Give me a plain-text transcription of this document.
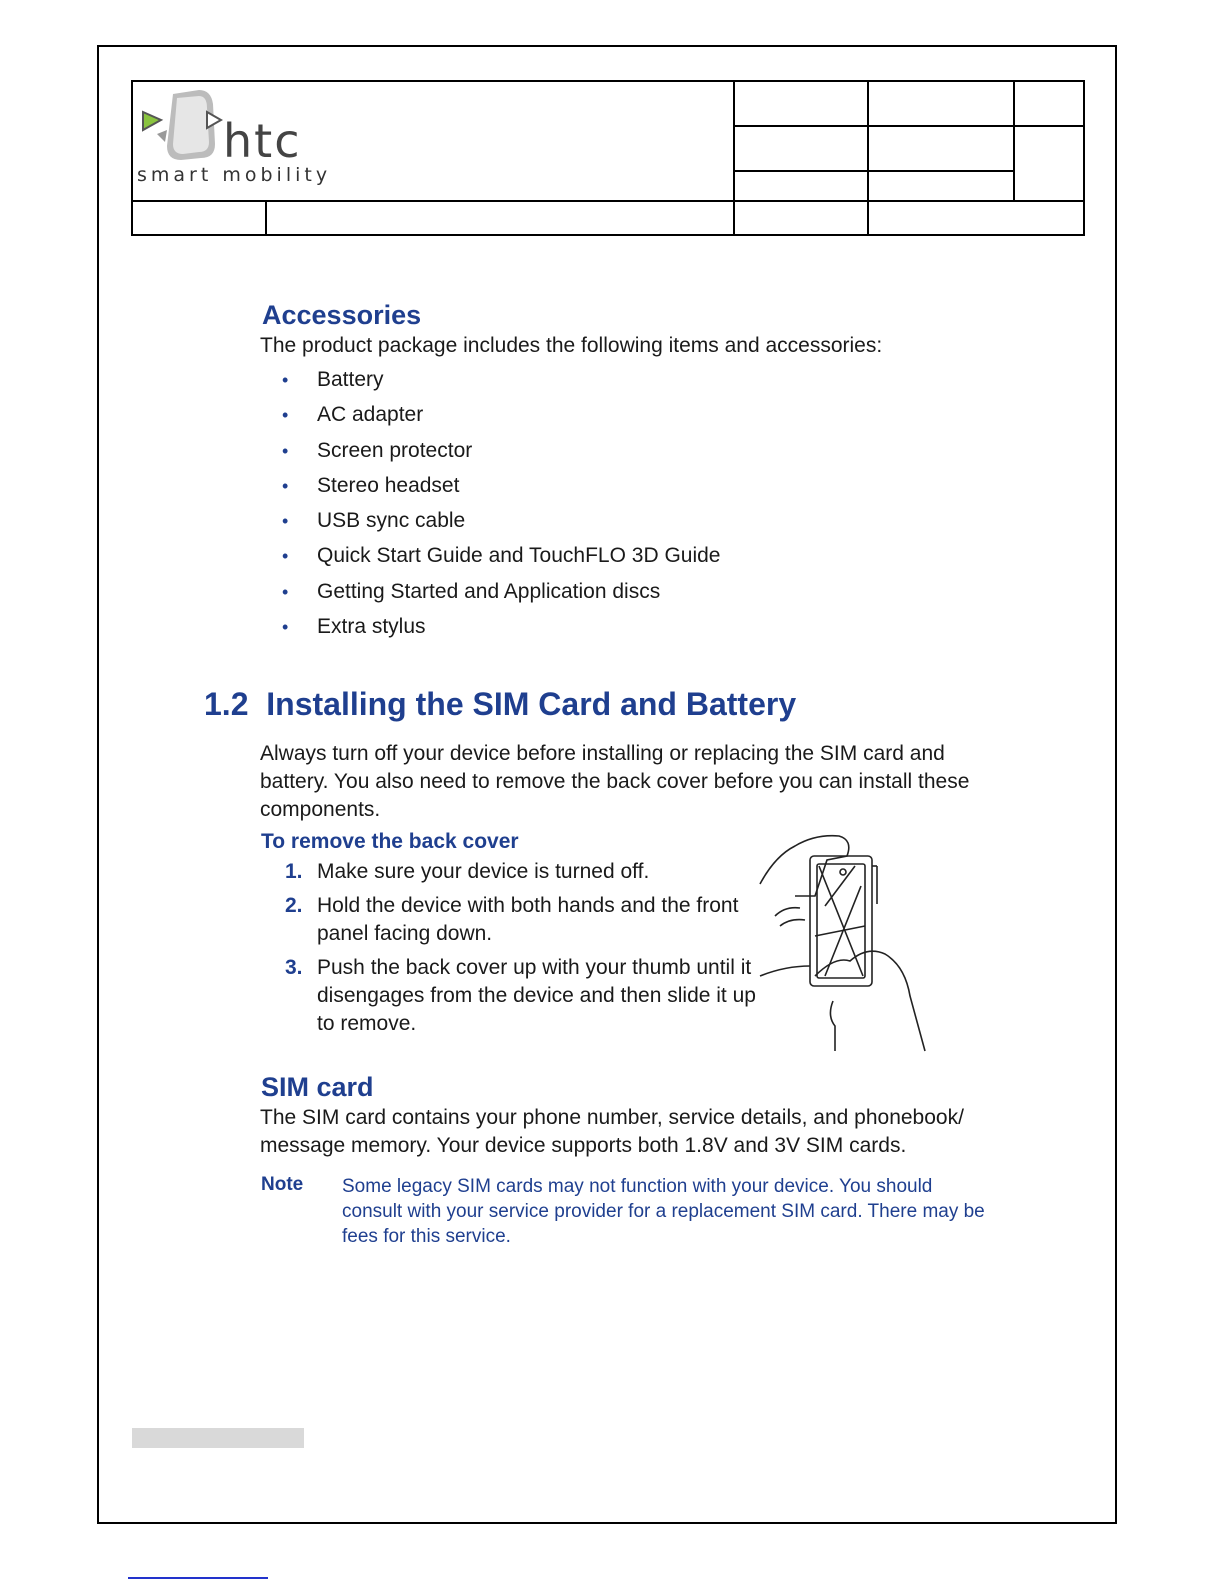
htc
smart mobility				

Accessories
The product package includes the following items and accessories:
• Battery
• AC adapter
• Screen protector
• Stereo headset
• USB sync cable
• Quick Start Guide and TouchFLO 3D Guide
• Getting Started and Application discs
• Extra stylus
1.2  Installing the SIM Card and Battery
Always turn off your device before installing or replacing the SIM card and battery. You also need to remove the back cover before you can install these components.
To remove the back cover
1. Make sure your device is turned off.
2. Hold the device with both hands and the front panel facing down.
3. Push the back cover up with your thumb until it disengages from the device and then slide it up to remove.
SIM card
The SIM card contains your phone number, service details, and phonebook/ message memory. Your device supports both 1.8V and 3V SIM cards.
Note Some legacy SIM cards may not function with your device. You should consult with your service provider for a replacement SIM card. There may be fees for this service.
